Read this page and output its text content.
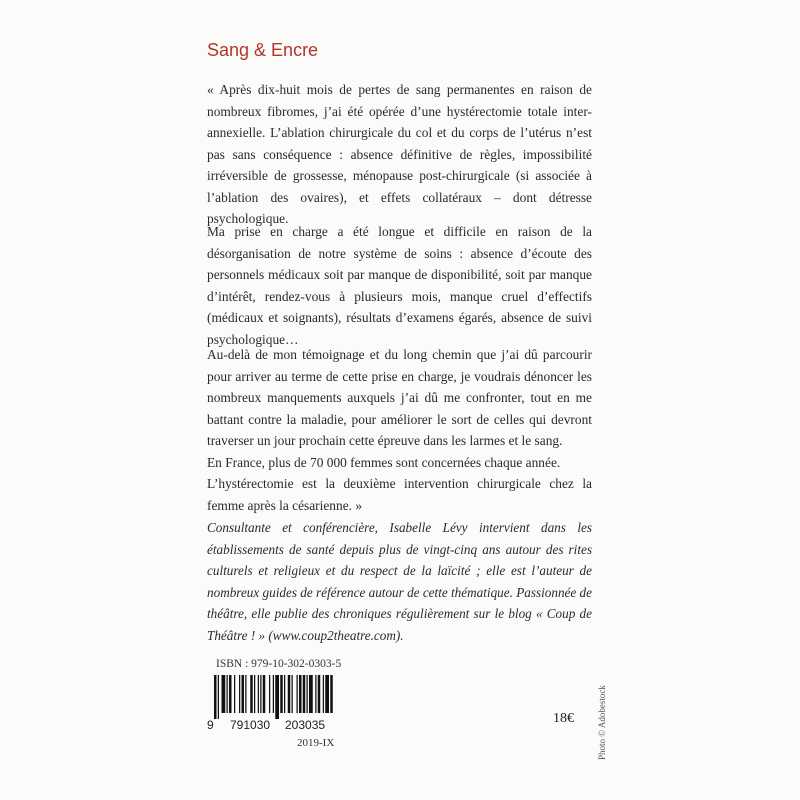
Sang & Encre

« Après dix-huit mois de pertes de sang permanentes en raison de nombreux fibromes, j’ai été opérée d’une hystérectomie totale inter-annexielle. L’ablation chirurgicale du col et du corps de l’utérus n’est pas sans conséquence : absence définitive de règles, impossibilité irréversible de grossesse, ménopause post-chirurgicale (si associée à l’ablation des ovaires), et effets collatéraux – dont détresse psychologique.

Ma prise en charge a été longue et difficile en raison de la désorganisation de notre système de soins : absence d’écoute des personnels médicaux soit par manque de disponibilité, soit par manque d’intérêt, rendez-vous à plusieurs mois, manque cruel d’effectifs (médicaux et soignants), résultats d’examens égarés, absence de suivi psychologique…

Au-delà de mon témoignage et du long chemin que j’ai dû parcourir pour arriver au terme de cette prise en charge, je voudrais dénoncer les nombreux manquements auxquels j’ai dû me confronter, tout en me battant contre la maladie, pour améliorer le sort de celles qui devront traverser un jour prochain cette épreuve dans les larmes et le sang.

En France, plus de 70 000 femmes sont concernées chaque année.

L’hystérectomie est la deuxième intervention chirurgicale chez la femme après la césarienne. »

Consultante et conférencière, Isabelle Lévy intervient dans les établissements de santé depuis plus de vingt-cinq ans autour des rites culturels et religieux et du respect de la laïcité ; elle est l’auteur de nombreux guides de référence autour de cette thématique. Passionnée de théâtre, elle publie des chroniques régulièrement sur le blog « Coup de Théâtre ! » (www.coup2theatre.com).

ISBN : 979-10-302-0303-5
9 791030 203035
2019-IX
18€	Photo © Adobestock
